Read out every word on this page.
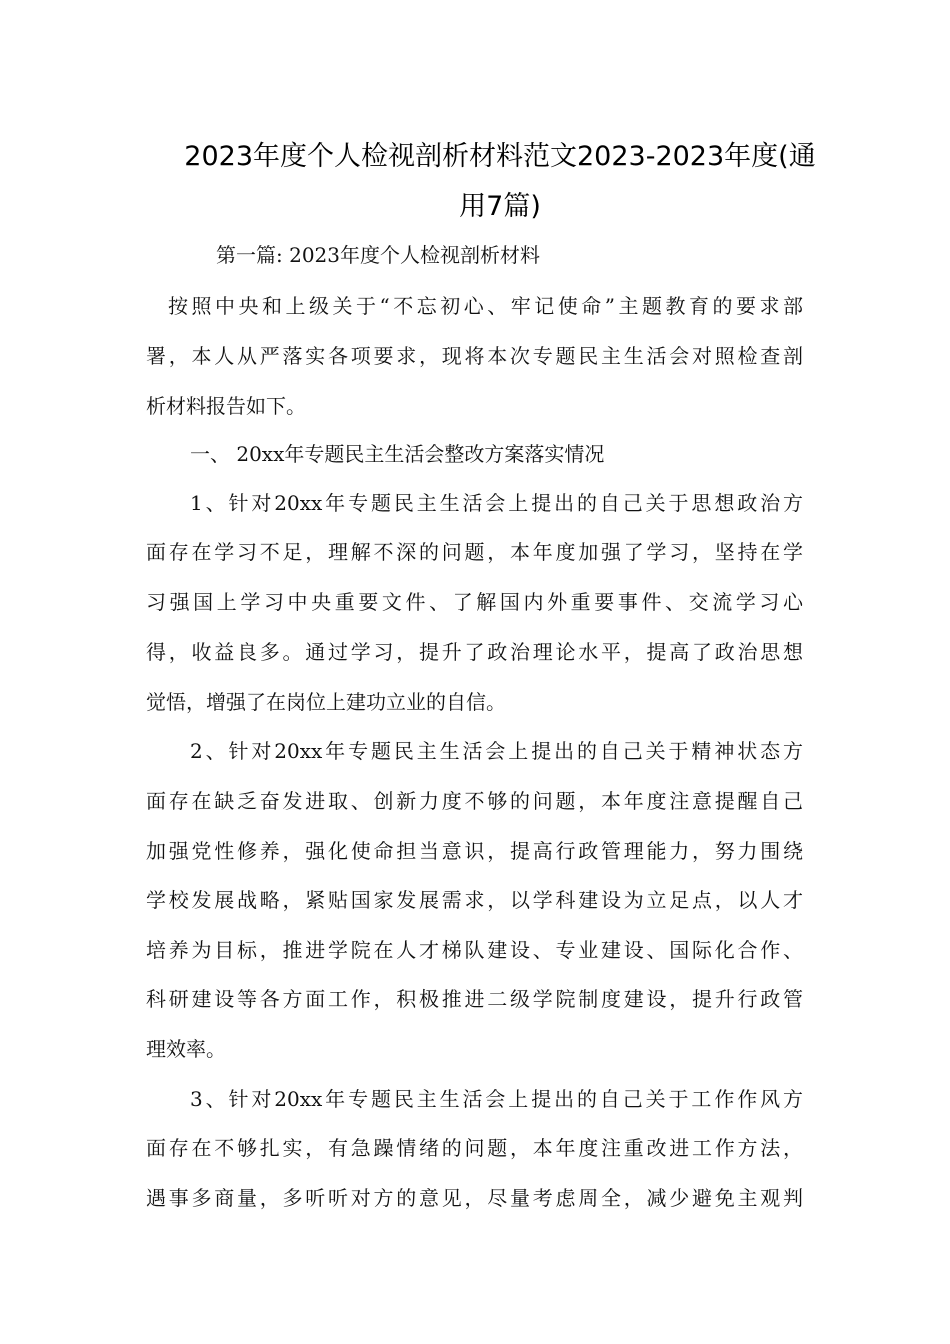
2023年度个人检视剖析材料范文2023-2023年度(通
用7篇)
第一篇: 2023年度个人检视剖析材料
按照中央和上级关于“不忘初心、牢记使命”主题教育的要求部
署，本人从严落实各项要求，现将本次专题民主生活会对照检查剖
析材料报告如下。
一、 20xx年专题民主生活会整改方案落实情况
1、针对20xx年专题民主生活会上提出的自己关于思想政治方
面存在学习不足，理解不深的问题，本年度加强了学习，坚持在学
习强国上学习中央重要文件、了解国内外重要事件、交流学习心
得，收益良多。通过学习，提升了政治理论水平，提高了政治思想
觉悟，增强了在岗位上建功立业的自信。
2、针对20xx年专题民主生活会上提出的自己关于精神状态方
面存在缺乏奋发进取、创新力度不够的问题，本年度注意提醒自己
加强党性修养，强化使命担当意识，提高行政管理能力，努力围绕
学校发展战略，紧贴国家发展需求，以学科建设为立足点，以人才
培养为目标，推进学院在人才梯队建设、专业建设、国际化合作、
科研建设等各方面工作，积极推进二级学院制度建设，提升行政管
理效率。
3、针对20xx年专题民主生活会上提出的自己关于工作作风方
面存在不够扎实，有急躁情绪的问题，本年度注重改进工作方法，
遇事多商量，多听听对方的意见，尽量考虑周全，减少避免主观判
